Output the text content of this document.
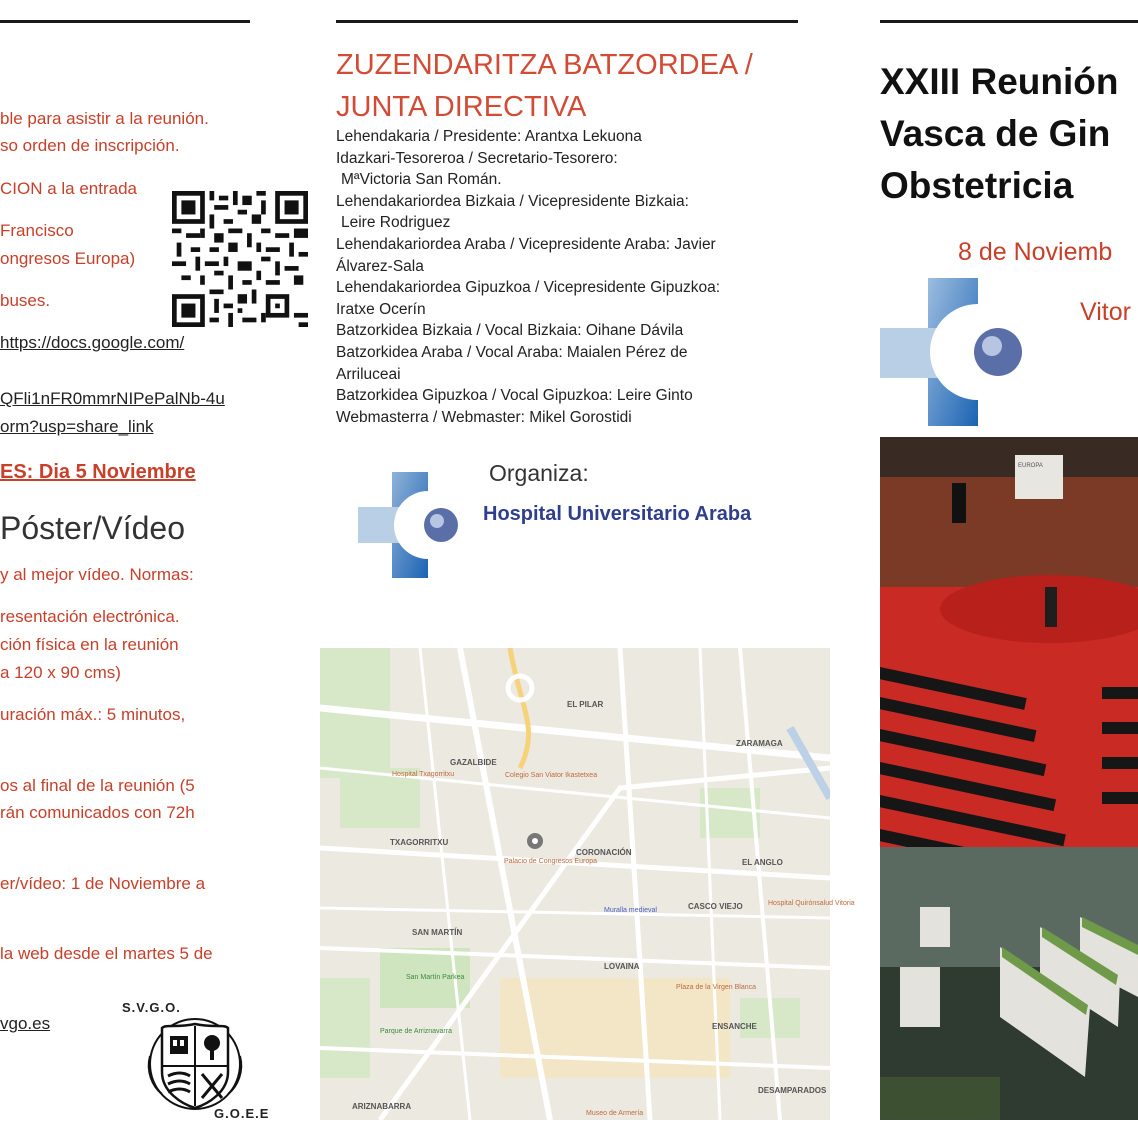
ble para asistir a la reunión.
so orden de inscripción.
CION a la entrada
Francisco
ongresos Europa)
buses.
https://docs.google.com/
QFli1nFR0mmrNIPePalNb-4u
orm?usp=share_link
ES: Dia 5 Noviembre
Póster/Vídeo
y al mejor vídeo. Normas:
resentación electrónica.
ción física en la reunión
a 120 x 90 cms)
uración máx.: 5 minutos,
os al final de la reunión (5
rán comunicados con 72h
er/vídeo: 1 de Noviembre a
la web desde el martes 5 de
vgo.es
S.V.G.O.
G.O.E.E
ZUZENDARITZA BATZORDEA / JUNTA DIRECTIVA
Lehendakaria / Presidente: Arantxa Lekuona
Idazkari-Tesoreroa / Secretario-Tesorero:
MªVictoria San Román.
Lehendakariordea Bizkaia / Vicepresidente Bizkaia:
Leire Rodriguez
Lehendakariordea Araba / Vicepresidente Araba: Javier
Álvarez-Sala
Lehendakariordea Gipuzkoa / Vicepresidente Gipuzkoa:
Iratxe Ocerín
Batzorkidea Bizkaia / Vocal Bizkaia: Oihane Dávila
Batzorkidea Araba / Vocal Araba: Maialen Pérez de
Arriluceai
Batzorkidea Gipuzkoa / Vocal Gipuzkoa: Leire Ginto
Webmasterra / Webmaster: Mikel Gorostidi
Organiza:
Hospital Universitario Araba
EL PILAR
ZARAMAGA
GAZALBIDE
TXAGORRITXU
CORONACIÓN
EL ANGLO
CASCO VIEJO
SAN MARTÍN
LOVAINA
ENSANCHE
DESAMPARADOS
ARIZNABARRA
Hospital Txagorritxu
Palacio de Congresos Europa
Colegio San Viator Ikastetxea
Muralla medieval
Plaza de la Virgen Blanca
San Martín Parkea
Parque de Arriznavarra
Museo de Armería
Hospital Quirónsalud Vitoria
XXIII Reunión
Vasca de Gin
Obstetricia
8 de Noviemb
Vitor
EUROPA
